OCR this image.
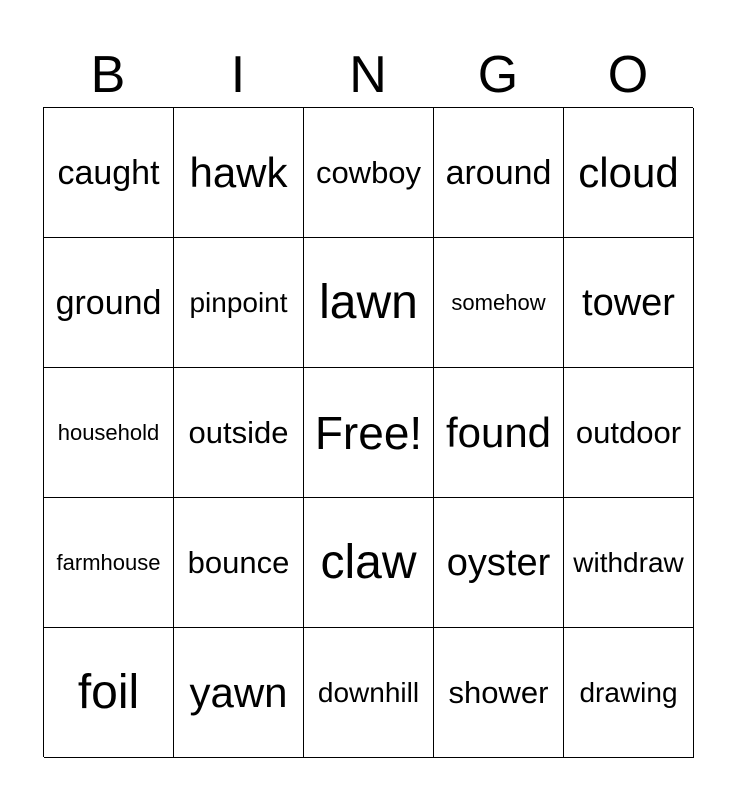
B	I	N	G	O
caught hawk cowboy around cloud
ground	pinpoint lawn	somehow tower
household outside Free! found outdoor
farmhouse bounce claw oyster withdraw
foil	yawn	downhill shower	drawing
